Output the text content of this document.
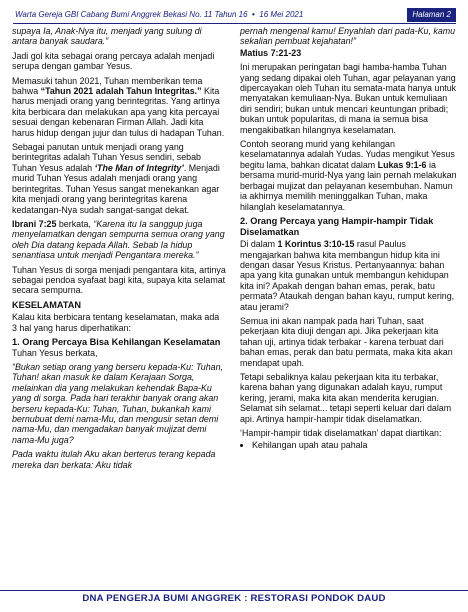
Warta Gereja GBI Cabang Bumi Anggrek Bekasi No. 11 Tahun 16 • 16 Mei 2021	Halaman 2

supaya Ia, Anak-Nya itu, menjadi yang sulung di antara banyak saudara.”

Jadi gol kita sebagai orang percaya adalah menjadi serupa dengan gambar Yesus.

Memasuki tahun 2021, Tuhan memberikan tema bahwa “Tahun 2021 adalah Tahun Integritas.” Kita harus menjadi orang yang berintegritas. Yang artinya kita berbicara dan melakukan apa yang kita percayai sesuai dengan kebenaran Firman Allah. Jadi kita harus hidup dengan jujur dan tulus di hadapan Tuhan.

Sebagai panutan untuk menjadi orang yang berintegritas adalah Tuhan Yesus sendiri, sebab Tuhan Yesus adalah ‘The Man of Integrity’. Menjadi murid Tuhan Yesus adalah menjadi orang yang berintegritas. Tuhan Yesus sangat menekankan agar kita menjadi orang yang berintegritas karena kedatangan-Nya sudah sangat-sangat dekat.

Ibrani 7:25 berkata, “Karena itu Ia sanggup juga menyelamatkan dengan sempurna semua orang yang oleh Dia datang kepada Allah. Sebab Ia hidup senantiasa untuk menjadi Pengantara mereka.”

Tuhan Yesus di sorga menjadi pengantara kita, artinya sebagai pendoa syafaat bagi kita, supaya kita selamat secara sempurna.

KESELAMATAN

Kalau kita berbicara tentang keselamatan, maka ada 3 hal yang harus diperhatikan:

1. Orang Percaya Bisa Kehilangan Keselamatan Tuhan Yesus berkata,

“Bukan setiap orang yang berseru kepada-Ku: Tuhan, Tuhan! akan masuk ke dalam Kerajaan Sorga, melainkan dia yang melakukan kehendak Bapa-Ku yang di sorga. Pada hari terakhir banyak orang akan berseru kepada-Ku: Tuhan, Tuhan, bukankah kami bernubuat demi nama-Mu, dan mengusir setan demi nama-Mu, dan mengadakan banyak mujizat demi nama-Mu juga?

Pada waktu itulah Aku akan berterus terang kepada mereka dan berkata: Aku tidak

pernah mengenal kamu! Enyahlah dari pada-Ku, kamu sekalian pembuat kejahatan!”

Matius 7:21-23

Ini merupakan peringatan bagi hamba-hamba Tuhan yang sedang dipakai oleh Tuhan, agar pelayanan yang dipercayakan oleh Tuhan itu semata-mata hanya untuk menyatakan kemuliaan-Nya. Bukan untuk kemuliaan diri sendiri; bukan untuk mencari keuntungan pribadi; bukan untuk popularitas, di mana ia semua bisa mengakibatkan hilangnya keselamatan.

Contoh seorang murid yang kehilangan keselamatannya adalah Yudas. Yudas mengikut Yesus begitu lama, bahkan dicatat dalam Lukas 9:1-6 ia bersama murid-murid-Nya yang lain pernah melakukan berbagai mujizat dan pelayanan kesembuhan. Namun ia akhirnya memilih meninggalkan Tuhan, maka hilanglah keselamatannya.

2. Orang Percaya yang Hampir-hampir Tidak Diselamatkan

Di dalam 1 Korintus 3:10-15 rasul Paulus mengajarkan bahwa kita membangun hidup kita ini dengan dasar Yesus Kristus. Pertanyaannya: bahan apa yang kita gunakan untuk membangun kehidupan kita ini? Apakah dengan bahan emas, perak, batu permata? Ataukah dengan bahan kayu, rumput kering, atau jerami?

Semua ini akan nampak pada hari Tuhan, saat pekerjaan kita diuji dengan api. Jika pekerjaan kita tahan uji, artinya tidak terbakar - karena terbuat dari bahan emas, perak dan batu permata, maka kita akan mendapat upah.

Tetapi sebaliknya kalau pekerjaan kita itu terbakar, karena bahan yang digunakan adalah kayu, rumput kering, jerami, maka kita akan menderita kerugian. Selamat sih selamat... tetapi seperti keluar dari dalam api. Artinya hampir-hampir tidak diselamatkan.

‘Hampir-hampir tidak diselamatkan’ dapat diartikan:

• Kehilangan upah atau pahala
DNA PENGERJA BUMI ANGGREK : RESTORASI PONDOK DAUD
